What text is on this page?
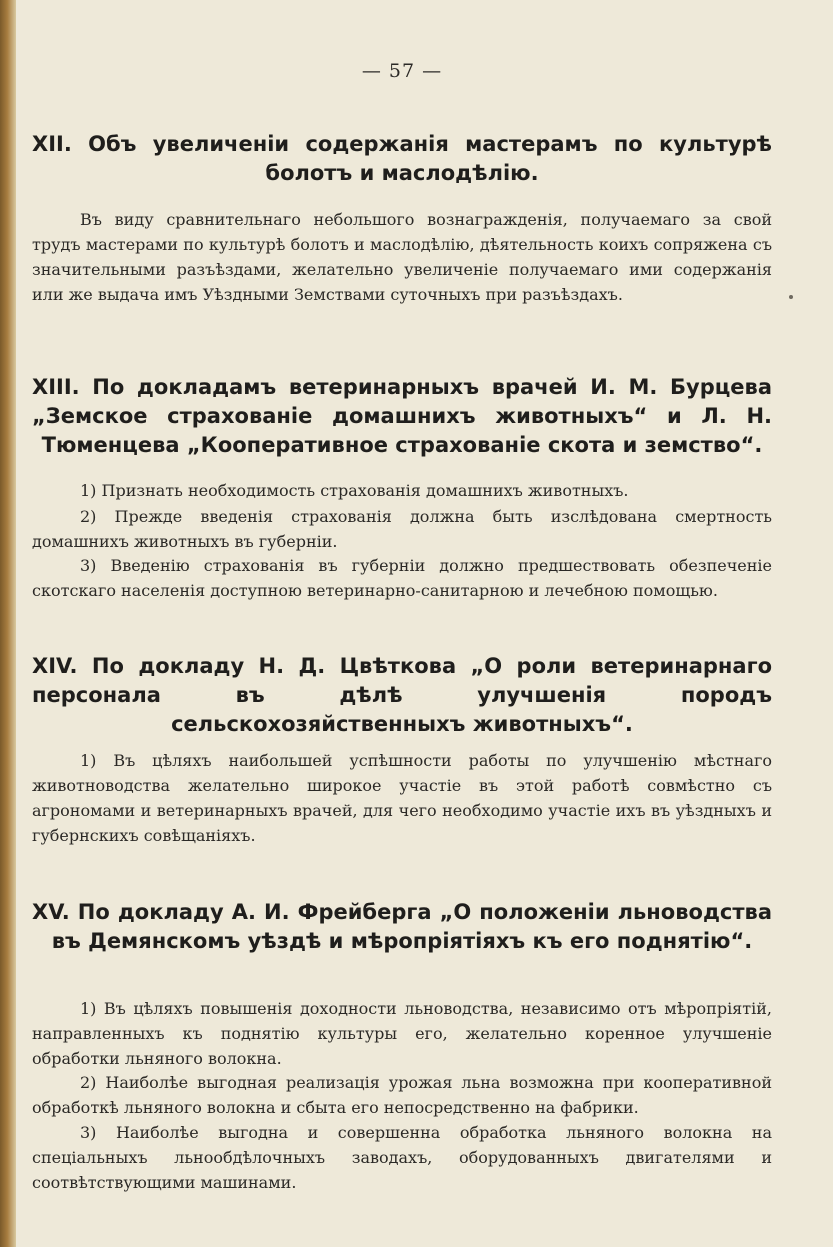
— 57 —
XII. Объ увеличенiи содержанія мастерамъ по культурѣ болотъ и маслодѣлію.
Въ виду сравнительнаго небольшого вознагражденія, получаемаго за свой трудъ мастерами по культурѣ болотъ и маслодѣлію, дѣятельность коихъ сопряжена съ значительными разъѣздами, желательно увеличеніе получаемаго ими содержанія или же выдача имъ Уѣздными Земствами суточныхъ при разъѣздахъ.
XIII. По докладамъ ветеринарныхъ врачей И. М. Бурцева „Земское страхованіе домашнихъ животныхъ“ и Л. Н. Тюменцева „Кооперативное страхованіе скота и земство“.
1) Признать необходимость страхованія домашнихъ животныхъ.
2) Прежде введенія страхованія должна быть изслѣдована смертность домашнихъ животныхъ въ губерніи.
3) Введенію страхованія въ губерніи должно предшествовать обезпеченіе скотскаго населенія доступною ветеринарно-санитарною и лечебною помощью.
XIV. По докладу Н. Д. Цвѣткова „О роли ветеринарнаго персонала въ дѣлѣ улучшенія породъ сельскохозяйственныхъ животныхъ“.
1) Въ цѣляхъ наибольшей успѣшности работы по улучшенію мѣстнаго животноводства желательно широкое участіе въ этой работѣ совмѣстно съ агрономами и ветеринарныхъ врачей, для чего необходимо участіе ихъ въ уѣздныхъ и губернскихъ совѣщаніяхъ.
XV. По докладу А. И. Фрейберга „О положеніи льноводства въ Демянскомъ уѣздѣ и мѣропріятіяхъ къ его поднятію“.
1) Въ цѣляхъ повышенія доходности льноводства, независимо отъ мѣропріятій, направленныхъ къ поднятію культуры его, желательно коренное улучшеніе обработки льняного волокна.
2) Наиболѣе выгодная реализація урожая льна возможна при кооперативной обработкѣ льняного волокна и сбыта его непосредственно на фабрики.
3) Наиболѣе выгодна и совершенна обработка льняного волокна на спеціальныхъ льнообдѣлочныхъ заводахъ, оборудованныхъ двигателями и соотвѣтствующими машинами.
